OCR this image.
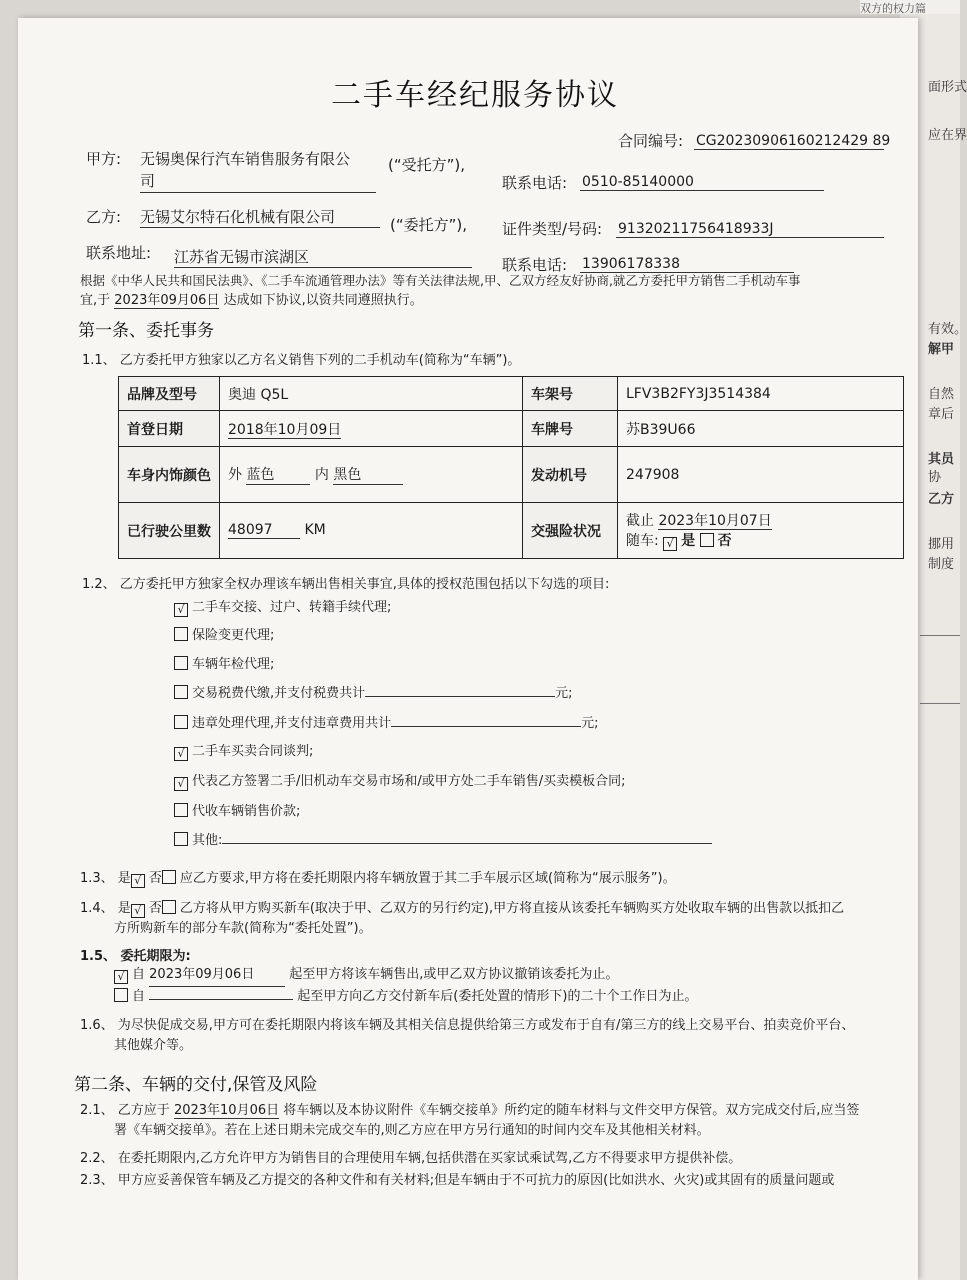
面形式
应在界
有效。
解甲
自然
章后
其员
协
乙方
挪用
制度
双方的权力篇
二手车经纪服务协议
合同编号: CG20230906160212429 89
甲方: 无锡奥保行汽车销售服务有限公
司
(“受托方”),
联系电话: 0510-85140000
乙方: 无锡艾尔特石化机械有限公司	(“委托方”), 证件类型/号码: 91320211756418933J
联系地址: 江苏省无锡市滨湖区	联系电话: 13906178338
根据《中华人民共和国民法典》、《二手车流通管理办法》等有关法律法规,甲、乙双方经友好协商,就乙方委托甲方销售二手机动车事
宜,于 2023年09月06日 达成如下协议,以资共同遵照执行。
第一条、委托事务
1.1、 乙方委托甲方独家以乙方名义销售下列的二手机动车(简称为“车辆”)。
品牌及型号	奥迪 Q5L	车架号	LFV3B2FY3J3514384
首登日期	2018年10月09日	车牌号	苏B39U66
车身内饰颜色	外 蓝色 内 黑色	发动机号	247908
已行驶公里数	48097 KM	交强险状况	截止 2023年10月07日
随车: √ 是 否
1.2、 乙方委托甲方独家全权办理该车辆出售相关事宜,具体的授权范围包括以下勾选的项目:
√ 二手车交接、过户、转籍手续代理;
保险变更代理;
车辆年检代理;
交易税费代缴,并支付税费共计	元;
违章处理代理,并支付违章费用共计	元;
√ 二手车买卖合同谈判;
√ 代表乙方签署二手/旧机动车交易市场和/或甲方处二手车销售/买卖模板合同;
代收车辆销售价款;
其他:
1.3、 是 √ 否 应乙方要求,甲方将在委托期限内将车辆放置于其二手车展示区域(简称为“展示服务”)。
1.4、 是 √ 否 乙方将从甲方购买新车(取决于甲、乙双方的另行约定),甲方将直接从该委托车辆购买方处收取车辆的出售款以抵扣乙
方所购新车的部分车款(简称为“委托处置”)。
1.5、 委托期限为:
√ 自 2023年09月06日	起至甲方将该车辆售出,或甲乙双方协议撤销该委托为止。
自	起至甲方向乙方交付新车后(委托处置的情形下)的二十个工作日为止。
1.6、 为尽快促成交易,甲方可在委托期限内将该车辆及其相关信息提供给第三方或发布于自有/第三方的线上交易平台、拍卖竞价平台、
其他媒介等。
第二条、车辆的交付,保管及风险
2.1、 乙方应于 2023年10月06日 将车辆以及本协议附件《车辆交接单》所约定的随车材料与文件交甲方保管。双方完成交付后,应当签
署《车辆交接单》。若在上述日期未完成交车的,则乙方应在甲方另行通知的时间内交车及其他相关材料。
2.2、 在委托期限内,乙方允许甲方为销售目的合理使用车辆,包括供潜在买家试乘试驾,乙方不得要求甲方提供补偿。
2.3、 甲方应妥善保管车辆及乙方提交的各种文件和有关材料;但是车辆由于不可抗力的原因(比如洪水、火灾)或其固有的质量问题或
